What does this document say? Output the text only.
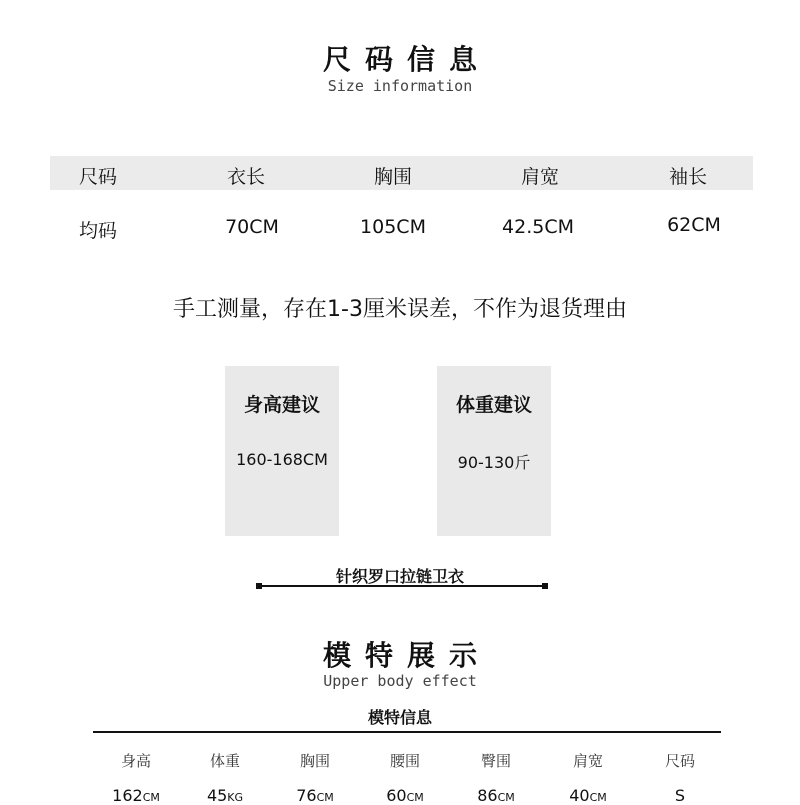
尺码信息
Size information
尺码	衣长	胸围	肩宽	袖长
均码	70CM	105CM	42.5CM	62CM
手工测量，存在1-3厘米误差，不作为退货理由
身高建议
160-168CM
体重建议
90-130斤
针织罗口拉链卫衣
模特展示
Upper body effect
模特信息
身高	体重	胸围	腰围	臀围	肩宽	尺码
162CM	45KG	76CM	60CM	86CM	40CM	S
